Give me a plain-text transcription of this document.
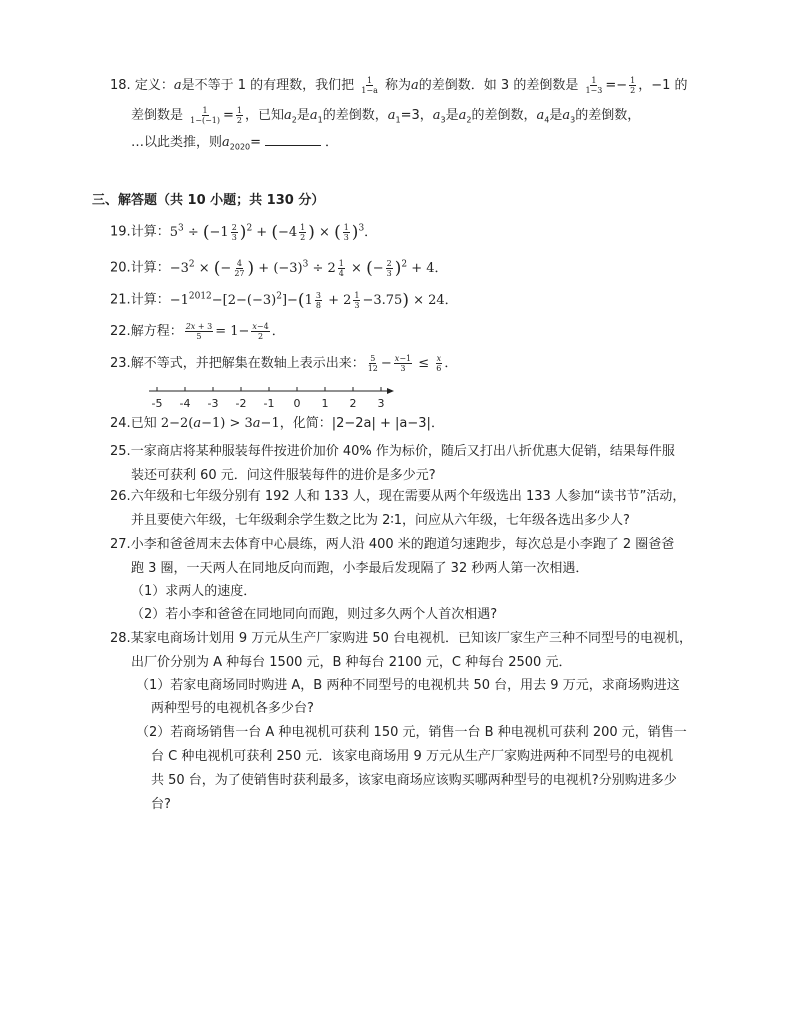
18. 定义：a是不等于 1 的有理数，我们把 $\frac{1}{1-a}$ 称为a的差倒数．如 3 的差倒数是 $\frac{1}{1-3} =- \frac{1}{2}$ ，−1 的
差倒数是 $\frac{1}{1-(-1)} = \frac{1}{2}$ ，已知$a_2$是$a_1$的差倒数，$a_1=3$，$a_3$是$a_2$的差倒数，$a_4$是$a_3$的差倒数，
…以此类推，则$a_{2020}=$	．
三、解答题（共 10 小题；共 130 分）
19.计算：$5^3 \div (-1 \frac{2}{3} )^2 + (-4 \frac{1}{2}$ ) × ( $\frac{1}{3} )^3$．
20.计算：$-3^2$ × (− $\frac{4}{27}$ ) + $(-3)^3 \div 2 \frac{1}{4}$ × (− $\frac{2}{3} )^2 + 4$．
21.计算：$-1^{2012}-[2-(-3)^2]-(1 \frac{3}{8} + 2 \frac{1}{3} -3.75) \times 24$．
22.解方程： $\frac{2x + 3}{5} = 1- \frac{x-4}{2}$ ．
23.解不等式，并把解集在数轴上表示出来： $\frac{5}{12} - \frac{x-1}{3} \le \frac{x}{6}$ ．
-5 -4 -3 -2 -1 0 1 2 3
24.已知 2−2(a−1) > 3a−1，化简：|2−2a| + |a−3|．
25.一家商店将某种服装每件按进价加价 40% 作为标价，随后又打出八折优惠大促销，结果每件服
装还可获利 60 元．问这件服装每件的进价是多少元?
26.六年级和七年级分别有 192 人和 133 人，现在需要从两个年级选出 133 人参加“读书节”活动，
并且要使六年级，七年级剩余学生数之比为 2∶1，问应从六年级，七年级各选出多少人?
27.小李和爸爸周末去体育中心晨练，两人沿 400 米的跑道匀速跑步，每次总是小李跑了 2 圈爸爸
跑 3 圈，一天两人在同地反向而跑，小李最后发现隔了 32 秒两人第一次相遇．
（1）求两人的速度．
（2）若小李和爸爸在同地同向而跑，则过多久两个人首次相遇?
28.某家电商场计划用 9 万元从生产厂家购进 50 台电视机．已知该厂家生产三种不同型号的电视机，
出厂价分别为 A 种每台 1500 元，B 种每台 2100 元，C 种每台 2500 元．
（1）若家电商场同时购进 A，B 两种不同型号的电视机共 50 台，用去 9 万元，求商场购进这
两种型号的电视机各多少台?
（2）若商场销售一台 A 种电视机可获利 150 元，销售一台 B 种电视机可获利 200 元，销售一
台 C 种电视机可获利 250 元．该家电商场用 9 万元从生产厂家购进两种不同型号的电视机
共 50 台，为了使销售时获利最多，该家电商场应该购买哪两种型号的电视机?分别购进多少
台?
